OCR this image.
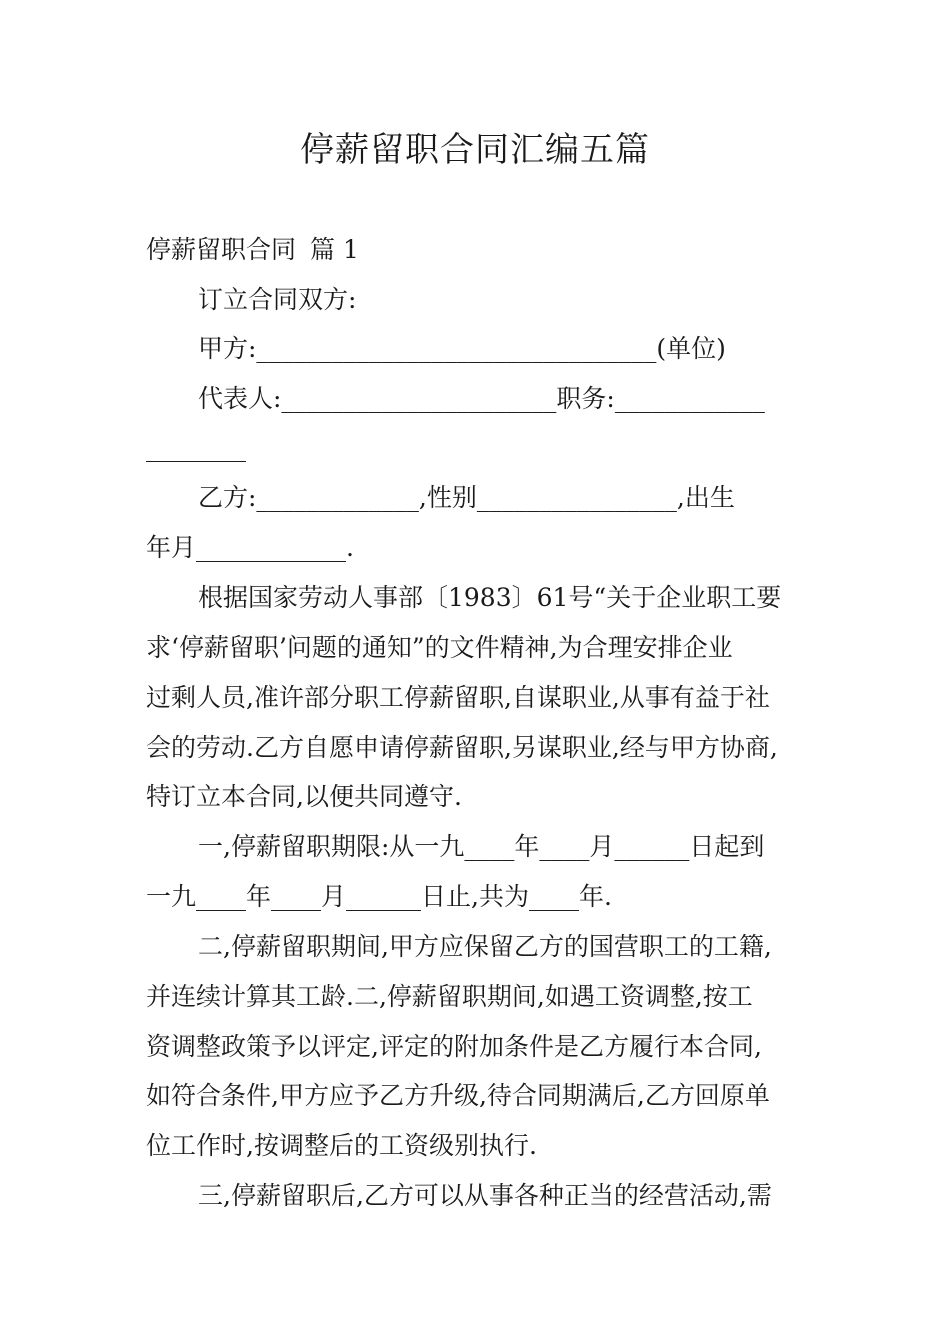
停薪留职合同汇编五篇
停薪留职合同 篇 1
订立合同双方:
甲方:________________________________(单位)
代表人:______________________职务:____________
________
乙方:_____________,性别________________,出生
年月____________.
根据国家劳动人事部〔1983〕61号“关于企业职工要
求‘停薪留职’问题的通知”的文件精神,为合理安排企业
过剩人员,准许部分职工停薪留职,自谋职业,从事有益于社
会的劳动.乙方自愿申请停薪留职,另谋职业,经与甲方协商,
特订立本合同,以便共同遵守.
一,停薪留职期限:从一九____年____月______日起到
一九____年____月______日止,共为____年.
二,停薪留职期间,甲方应保留乙方的国营职工的工籍,
并连续计算其工龄.二,停薪留职期间,如遇工资调整,按工
资调整政策予以评定,评定的附加条件是乙方履行本合同,
如符合条件,甲方应予乙方升级,待合同期满后,乙方回原单
位工作时,按调整后的工资级别执行.
三,停薪留职后,乙方可以从事各种正当的经营活动,需
